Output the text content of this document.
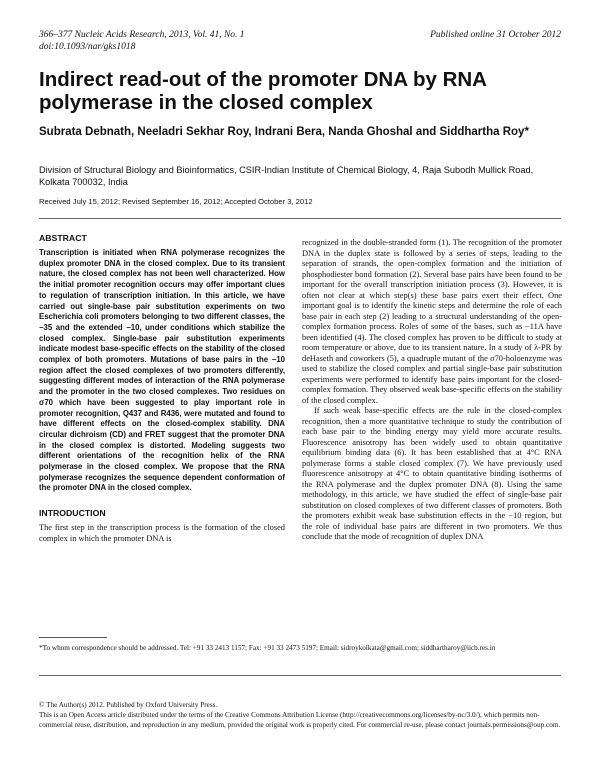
366–377 Nucleic Acids Research, 2013, Vol. 41, No. 1
doi:10.1093/nar/gks1018
Published online 31 October 2012
Indirect read-out of the promoter DNA by RNA polymerase in the closed complex
Subrata Debnath, Neeladri Sekhar Roy, Indrani Bera, Nanda Ghoshal and Siddhartha Roy*
Division of Structural Biology and Bioinformatics, CSIR-Indian Institute of Chemical Biology, 4, Raja Subodh Mullick Road, Kolkata 700032, India
Received July 15, 2012; Revised September 16, 2012; Accepted October 3, 2012
ABSTRACT

Transcription is initiated when RNA polymerase recognizes the duplex promoter DNA in the closed complex. Due to its transient nature, the closed complex has not been well characterized. How the initial promoter recognition occurs may offer important clues to regulation of transcription initiation. In this article, we have carried out single-base pair substitution experiments on two Escherichia coli promoters belonging to two different classes, the −35 and the extended −10, under conditions which stabilize the closed complex. Single-base pair substitution experiments indicate modest base-specific effects on the stability of the closed complex of both promoters. Mutations of base pairs in the −10 region affect the closed complexes of two promoters differently, suggesting different modes of interaction of the RNA polymerase and the promoter in the two closed complexes. Two residues on σ70 which have been suggested to play important role in promoter recognition, Q437 and R436, were mutated and found to have different effects on the closed-complex stability. DNA circular dichroism (CD) and FRET suggest that the promoter DNA in the closed complex is distorted. Modeling suggests two different orientations of the recognition helix of the RNA polymerase in the closed complex. We propose that the RNA polymerase recognizes the sequence dependent conformation of the promoter DNA in the closed complex.

INTRODUCTION

The first step in the transcription process is the formation of the closed complex in which the promoter DNA is

recognized in the double-stranded form (1). The recognition of the promoter DNA in the duplex state is followed by a series of steps, leading to the separation of strands, the open-complex formation and the initiation of phosphodiester bond formation (2). Several base pairs have been found to be important for the overall transcription initiation process (3). However, it is often not clear at which step(s) these base pairs exert their effect. One important goal is to identify the kinetic steps and determine the role of each base pair in each step (2) leading to a structural understanding of the open-complex formation process. Roles of some of the bases, such as −11A have been identified (4). The closed complex has proven to be difficult to study at room temperature or above, due to its transient nature. In a study of λ-PR by deHaseth and coworkers (5), a quadruple mutant of the σ70-holoenzyme was used to stabilize the closed complex and partial single-base pair substitution experiments were performed to identify base pairs important for the closed-complex formation. They observed weak base-specific effects on the stability of the closed complex.

If such weak base-specific effects are the rule in the closed-complex recognition, then a more quantitative technique to study the contribution of each base pair to the binding energy may yield more accurate results. Fluorescence anisotropy has been widely used to obtain quantitative equilibrium binding data (6). It has been established that at 4°C RNA polymerase forms a stable closed complex (7). We have previously used fluorescence anisotropy at 4°C to obtain quantitative binding isotherms of the RNA polymerase and the duplex promoter DNA (8). Using the same methodology, in this article, we have studied the effect of single-base pair substitution on closed complexes of two different classes of promoters. Both the promoters exhibit weak base substitution effects in the −10 region, but the role of individual base pairs are different in two promoters. We thus conclude that the mode of recognition of duplex DNA

*To whom correspondence should be addressed. Tel: +91 33 2413 1157; Fax: +91 33 2473 5197; Email: sidroykolkata@gmail.com; siddhartharoy@iicb.res.in
© The Author(s) 2012. Published by Oxford University Press.
This is an Open Access article distributed under the terms of the Creative Commons Attribution License (http://creativecommons.org/licenses/by-nc/3.0/), which permits non-commercial reuse, distribution, and reproduction in any medium, provided the original work is properly cited. For commercial re-use, please contact journals.permissions@oup.com.
